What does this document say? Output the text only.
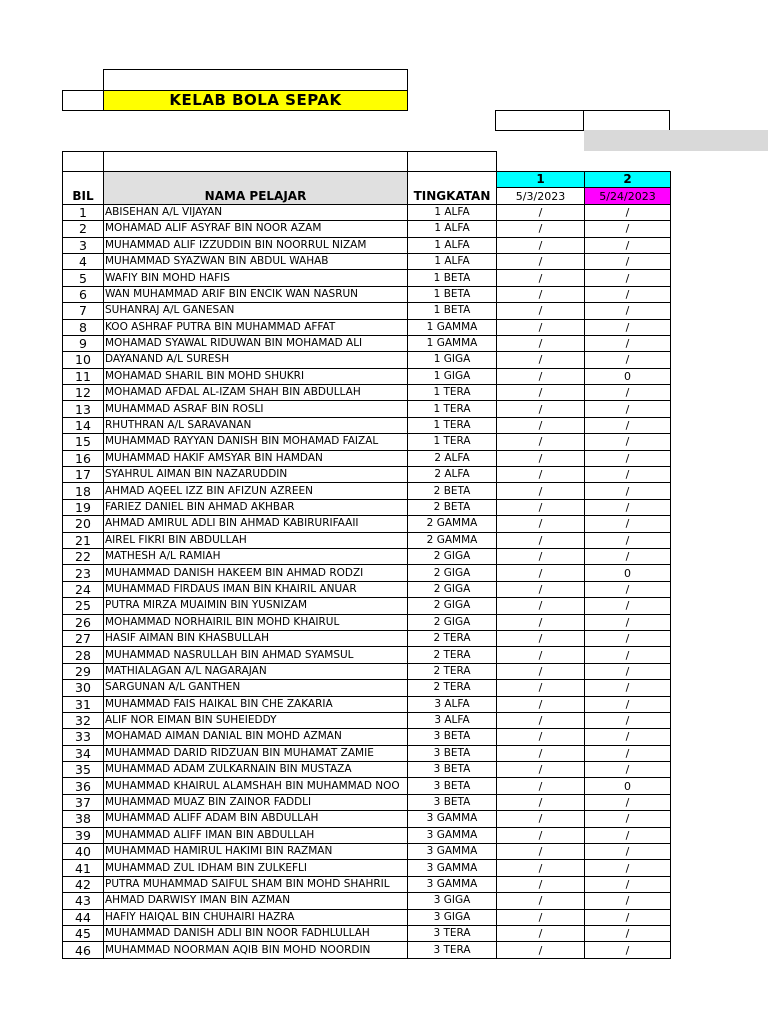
KELAB BOLA SEPAK

BIL	NAMA PELAJAR	TINGKATAN	1	2
			5/3/2023	5/24/2023
1	ABISEHAN A/L VIJAYAN	1 ALFA	/	/
2	MOHAMAD ALIF ASYRAF BIN NOOR AZAM	1 ALFA	/	/
3	MUHAMMAD ALIF IZZUDDIN BIN NOORRUL NIZAM	1 ALFA	/	/
4	MUHAMMAD SYAZWAN BIN ABDUL WAHAB	1 ALFA	/	/
5	WAFIY BIN MOHD HAFIS	1 BETA	/	/
6	WAN MUHAMMAD ARIF BIN ENCIK WAN NASRUN	1 BETA	/	/
7	SUHANRAJ A/L GANESAN	1 BETA	/	/
8	KOO ASHRAF PUTRA BIN MUHAMMAD AFFAT	1 GAMMA	/	/
9	MOHAMAD SYAWAL RIDUWAN BIN MOHAMAD ALI	1 GAMMA	/	/
10	DAYANAND A/L SURESH	1 GIGA	/	/
11	MOHAMAD SHARIL BIN MOHD SHUKRI	1 GIGA	/	0
12	MOHAMAD AFDAL AL-IZAM SHAH BIN ABDULLAH	1 TERA	/	/
13	MUHAMMAD ASRAF BIN ROSLI	1 TERA	/	/
14	RHUTHRAN A/L SARAVANAN	1 TERA	/	/
15	MUHAMMAD RAYYAN DANISH BIN MOHAMAD FAIZAL	1 TERA	/	/
16	MUHAMMAD HAKIF AMSYAR BIN HAMDAN	2 ALFA	/	/
17	SYAHRUL AIMAN BIN NAZARUDDIN	2 ALFA	/	/
18	AHMAD AQEEL IZZ BIN AFIZUN AZREEN	2 BETA	/	/
19	FARIEZ DANIEL BIN AHMAD AKHBAR	2 BETA	/	/
20	AHMAD AMIRUL ADLI BIN AHMAD KABIRURIFAAII	2 GAMMA	/	/
21	AIREL FIKRI BIN ABDULLAH	2 GAMMA	/	/
22	MATHESH A/L RAMIAH	2 GIGA	/	/
23	MUHAMMAD DANISH HAKEEM BIN AHMAD RODZI	2 GIGA	/	0
24	MUHAMMAD FIRDAUS IMAN BIN KHAIRIL ANUAR	2 GIGA	/	/
25	PUTRA MIRZA MUAIMIN BIN YUSNIZAM	2 GIGA	/	/
26	MOHAMMAD NORHAIRIL BIN MOHD KHAIRUL	2 GIGA	/	/
27	HASIF AIMAN BIN KHASBULLAH	2 TERA	/	/
28	MUHAMMAD NASRULLAH BIN AHMAD SYAMSUL	2 TERA	/	/
29	MATHIALAGAN A/L NAGARAJAN	2 TERA	/	/
30	SARGUNAN A/L GANTHEN	2 TERA	/	/
31	MUHAMMAD FAIS HAIKAL BIN CHE ZAKARIA	3 ALFA	/	/
32	ALIF NOR EIMAN BIN SUHEIEDDY	3 ALFA	/	/
33	MOHAMAD AIMAN DANIAL BIN MOHD AZMAN	3 BETA	/	/
34	MUHAMMAD DARID RIDZUAN BIN MUHAMAT ZAMIE	3 BETA	/	/
35	MUHAMMAD ADAM ZULKARNAIN BIN MUSTAZA	3 BETA	/	/
36	MUHAMMAD KHAIRUL ALAMSHAH BIN MUHAMMAD NOO	3 BETA	/	0
37	MUHAMMAD MUAZ BIN ZAINOR FADDLI	3 BETA	/	/
38	MUHAMMAD ALIFF ADAM BIN ABDULLAH	3 GAMMA	/	/
39	MUHAMMAD ALIFF IMAN BIN ABDULLAH	3 GAMMA	/	/
40	MUHAMMAD HAMIRUL HAKIMI BIN RAZMAN	3 GAMMA	/	/
41	MUHAMMAD ZUL IDHAM BIN ZULKEFLI	3 GAMMA	/	/
42	PUTRA MUHAMMAD SAIFUL SHAM BIN MOHD SHAHRIL	3 GAMMA	/	/
43	AHMAD DARWISY IMAN BIN AZMAN	3 GIGA	/	/
44	HAFIY HAIQAL BIN CHUHAIRI HAZRA	3 GIGA	/	/
45	MUHAMMAD DANISH ADLI BIN NOOR FADHLULLAH	3 TERA	/	/
46	MUHAMMAD NOORMAN AQIB BIN MOHD NOORDIN	3 TERA	/	/
